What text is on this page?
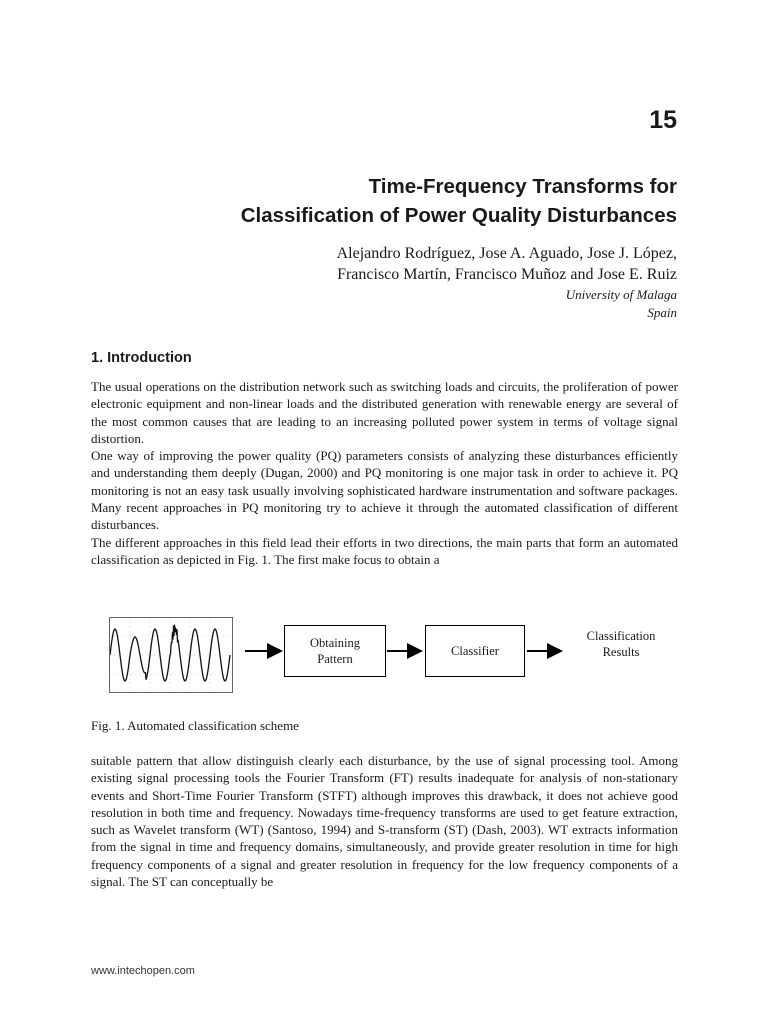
15
Time-Frequency Transforms for
Classification of Power Quality Disturbances
Alejandro Rodríguez, Jose A. Aguado, Jose J. López,
Francisco Martín, Francisco Muñoz and Jose E. Ruiz
University of Malaga
Spain
1. Introduction

The usual operations on the distribution network such as switching loads and circuits, the proliferation of power electronic equipment and non-linear loads and the distributed generation with renewable energy are several of the most common causes that are leading to an increasing polluted power system in terms of voltage signal distortion.

One way of improving the power quality (PQ) parameters consists of analyzing these disturbances efficiently and understanding them deeply (Dugan, 2000) and PQ monitoring is one major task in order to achieve it. PQ monitoring is not an easy task usually involving sophisticated hardware instrumentation and software packages. Many recent approaches in PQ monitoring try to achieve it through the automated classification of different disturbances.

The different approaches in this field lead their efforts in two directions, the main parts that form an automated classification as depicted in Fig. 1. The first make focus to obtain a

Obtaining
Pattern
Classifier
Classification
Results
Fig. 1. Automated classification scheme

suitable pattern that allow distinguish clearly each disturbance, by the use of signal processing tool. Among existing signal processing tools the Fourier Transform (FT) results inadequate for analysis of non-stationary events and Short-Time Fourier Transform (STFT) although improves this drawback, it does not achieve good resolution in both time and frequency. Nowadays time-frequency transforms are used to get feature extraction, such as Wavelet transform (WT) (Santoso, 1994) and S-transform (ST) (Dash, 2003). WT extracts information from the signal in time and frequency domains, simultaneously, and provide greater resolution in time for high frequency components of a signal and greater resolution in frequency for the low frequency components of a signal. The ST can conceptually be

www.intechopen.com
